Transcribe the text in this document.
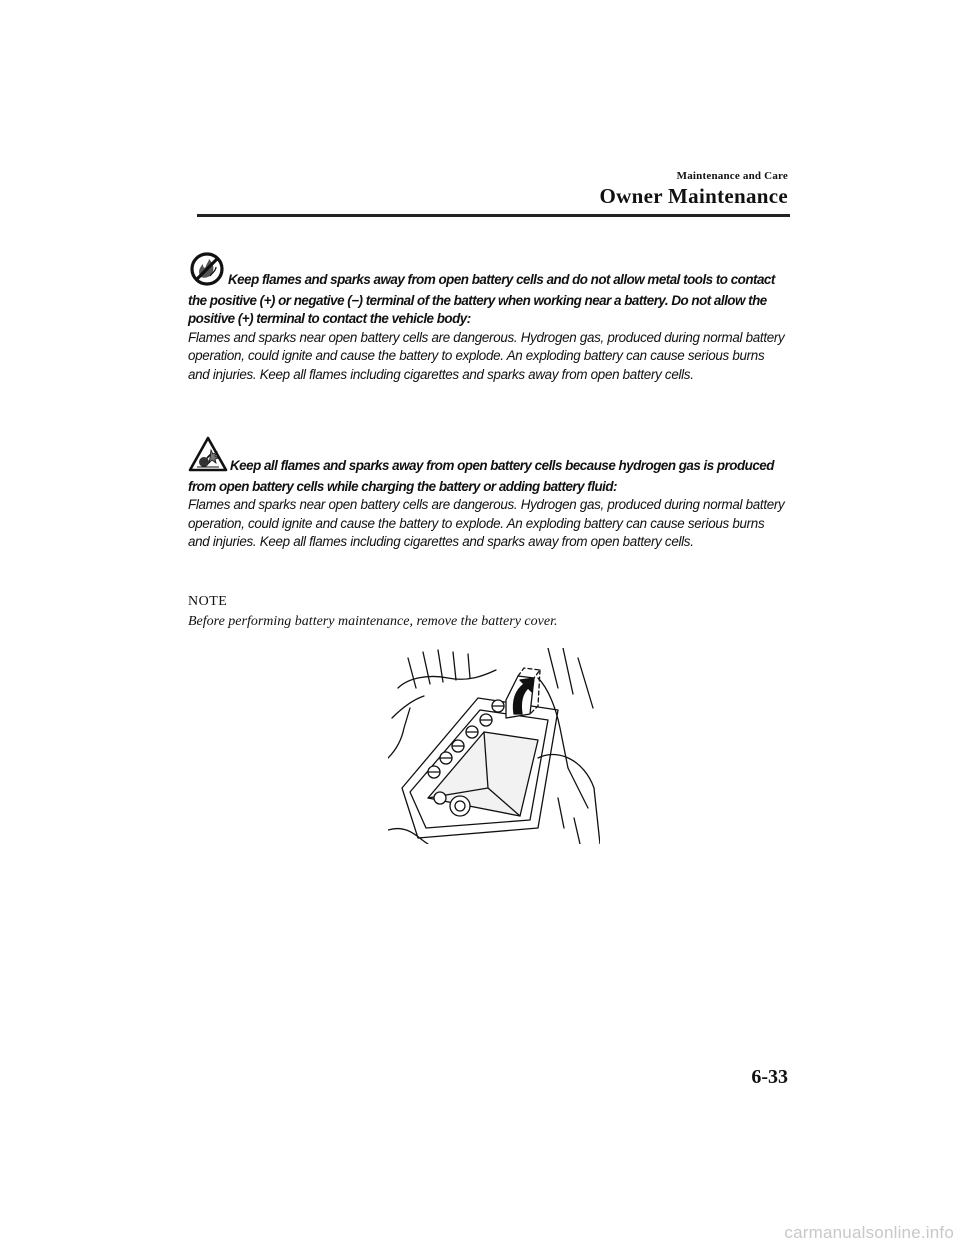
Maintenance and Care
Owner Maintenance
Keep flames and sparks away from open battery cells and do not allow metal tools to contact the positive (+) or negative (−) terminal of the battery when working near a battery. Do not allow the positive (+) terminal to contact the vehicle body:
Flames and sparks near open battery cells are dangerous. Hydrogen gas, produced during normal battery operation, could ignite and cause the battery to explode. An exploding battery can cause serious burns and injuries. Keep all flames including cigarettes and sparks away from open battery cells.
Keep all flames and sparks away from open battery cells because hydrogen gas is produced from open battery cells while charging the battery or adding battery fluid:
Flames and sparks near open battery cells are dangerous. Hydrogen gas, produced during normal battery operation, could ignite and cause the battery to explode. An exploding battery can cause serious burns and injuries. Keep all flames including cigarettes and sparks away from open battery cells.
NOTE
Before performing battery maintenance, remove the battery cover.
6-33
carmanualsonline.info
